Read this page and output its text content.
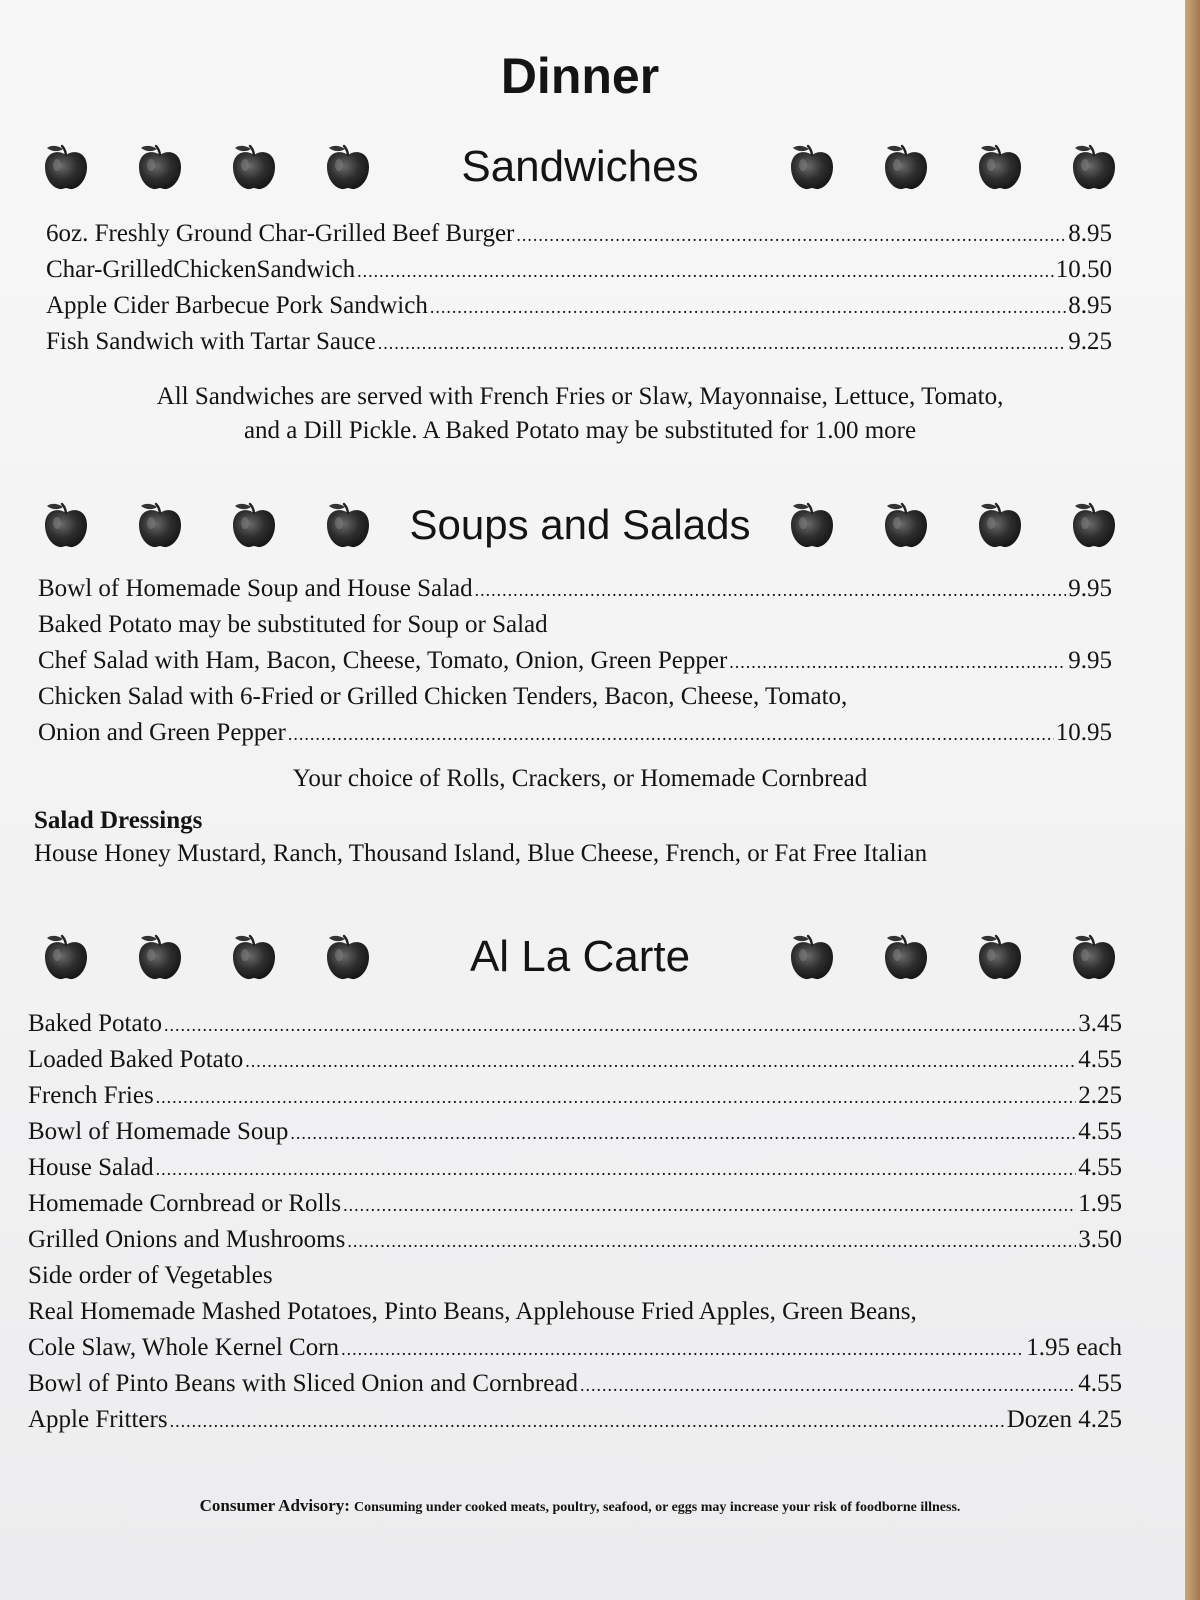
Dinner
Sandwiches
6oz. Freshly Ground Char-Grilled Beef Burger .....	8.95
Char-GrilledChickenSandwich .....	10.50
Apple Cider Barbecue Pork Sandwich .....	8.95
Fish Sandwich with Tartar Sauce .....	9.25
All Sandwiches are served with French Fries or Slaw, Mayonnaise, Lettuce, Tomato,
and a Dill Pickle. A Baked Potato may be substituted for 1.00 more
Soups and Salads
Bowl of Homemade Soup and House Salad .....	9.95
Baked Potato may be substituted for Soup or Salad
Chef Salad with Ham, Bacon, Cheese, Tomato, Onion, Green Pepper .....	9.95
Chicken Salad with 6-Fried or Grilled Chicken Tenders, Bacon, Cheese, Tomato,
Onion and Green Pepper .....	10.95
Your choice of Rolls, Crackers, or Homemade Cornbread
Salad Dressings
House Honey Mustard, Ranch, Thousand Island, Blue Cheese, French, or Fat Free Italian
Al La Carte
Baked Potato .....	3.45
Loaded Baked Potato .....	4.55
French Fries .....	2.25
Bowl of Homemade Soup .....	4.55
House Salad .....	4.55
Homemade Cornbread or Rolls .....	1.95
Grilled Onions and Mushrooms .....	3.50
Side order of Vegetables
Real Homemade Mashed Potatoes, Pinto Beans, Applehouse Fried Apples, Green Beans,
Cole Slaw, Whole Kernel Corn .....	1.95 each
Bowl of Pinto Beans with Sliced Onion and Cornbread .....	4.55
Apple Fritters .....	Dozen 4.25
Consumer Advisory: Consuming under cooked meats, poultry, seafood, or eggs may increase your risk of foodborne illness.
